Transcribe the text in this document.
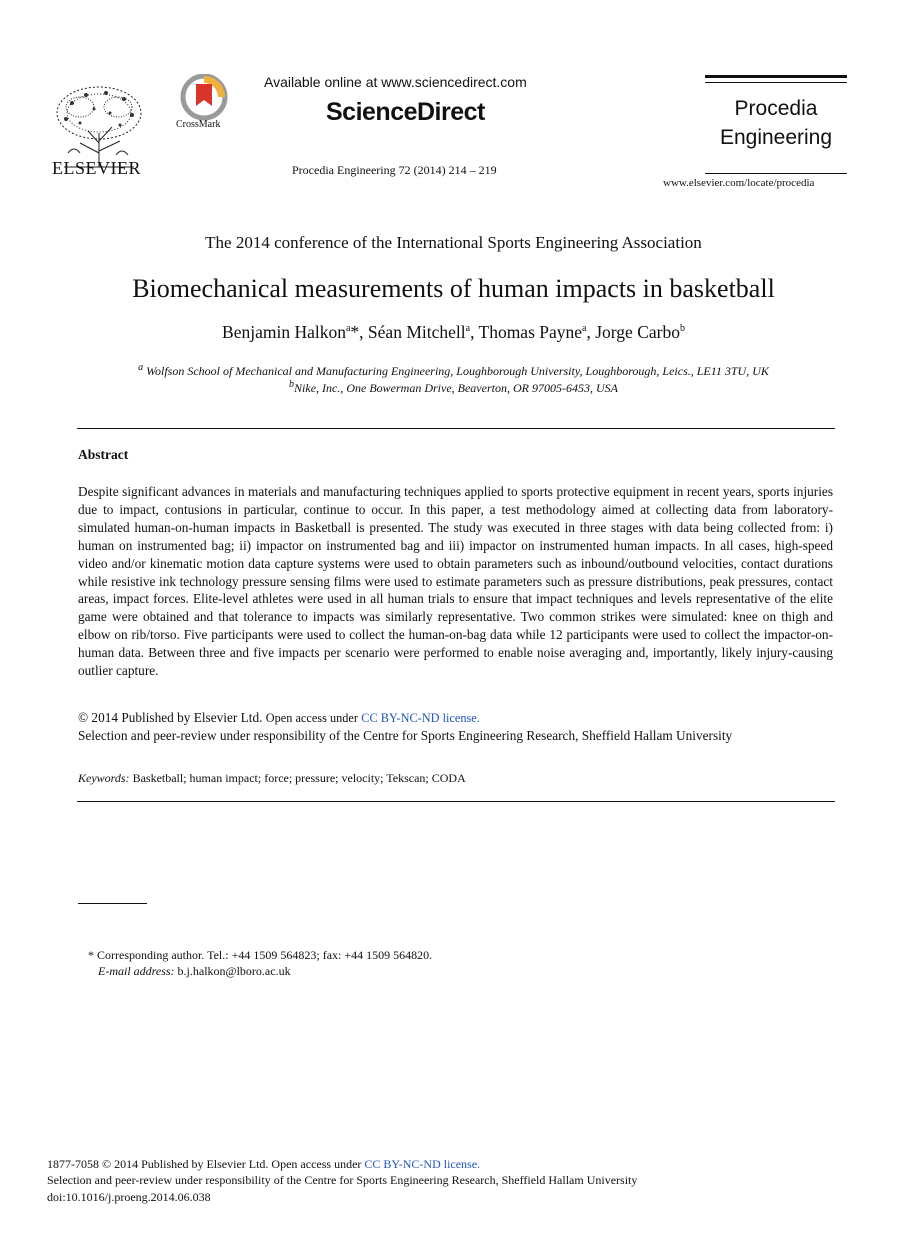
ELSEVIER
CrossMark
Available online at www.sciencedirect.com
ScienceDirect
Procedia Engineering 72 (2014) 214 – 219
Procedia
Engineering
www.elsevier.com/locate/procedia
The 2014 conference of the International Sports Engineering Association
Biomechanical measurements of human impacts in basketball
Benjamin Halkon$^a$*, Séan Mitchell$^a$, Thomas Payne$^a$, Jorge Carbo$^b$
$^a$ Wolfson School of Mechanical and Manufacturing Engineering, Loughborough University, Loughborough, Leics., LE11 3TU, UK
$^b$Nike, Inc., One Bowerman Drive, Beaverton, OR 97005-6453, USA
Abstract
Despite significant advances in materials and manufacturing techniques applied to sports protective equipment in recent years, sports injuries due to impact, contusions in particular, continue to occur. In this paper, a test methodology aimed at collecting data from laboratory-simulated human-on-human impacts in Basketball is presented. The study was executed in three stages with data being collected from: i) human on instrumented bag; ii) impactor on instrumented bag and iii) impactor on instrumented human impacts. In all cases, high-speed video and/or kinematic motion data capture systems were used to obtain parameters such as inbound/outbound velocities, contact durations while resistive ink technology pressure sensing films were used to estimate parameters such as pressure distributions, peak pressures, contact areas, impact forces. Elite-level athletes were used in all human trials to ensure that impact techniques and levels representative of the elite game were obtained and that tolerance to impacts was similarly representative. Two common strikes were simulated: knee on thigh and elbow on rib/torso. Five participants were used to collect the human-on-bag data while 12 participants were used to collect the impactor-on-human data. Between three and five impacts per scenario were performed to enable noise averaging and, importantly, likely injury-causing outlier capture.
© 2014 Published by Elsevier Ltd. Open access under CC BY-NC-ND license.
Selection and peer-review under responsibility of the Centre for Sports Engineering Research, Sheffield Hallam University
Keywords: Basketball; human impact; force; pressure; velocity; Tekscan; CODA
* Corresponding author. Tel.: +44 1509 564823; fax: +44 1509 564820.
E-mail address: b.j.halkon@lboro.ac.uk
1877-7058 © 2014 Published by Elsevier Ltd. Open access under CC BY-NC-ND license.
Selection and peer-review under responsibility of the Centre for Sports Engineering Research, Sheffield Hallam University
doi:10.1016/j.proeng.2014.06.038
